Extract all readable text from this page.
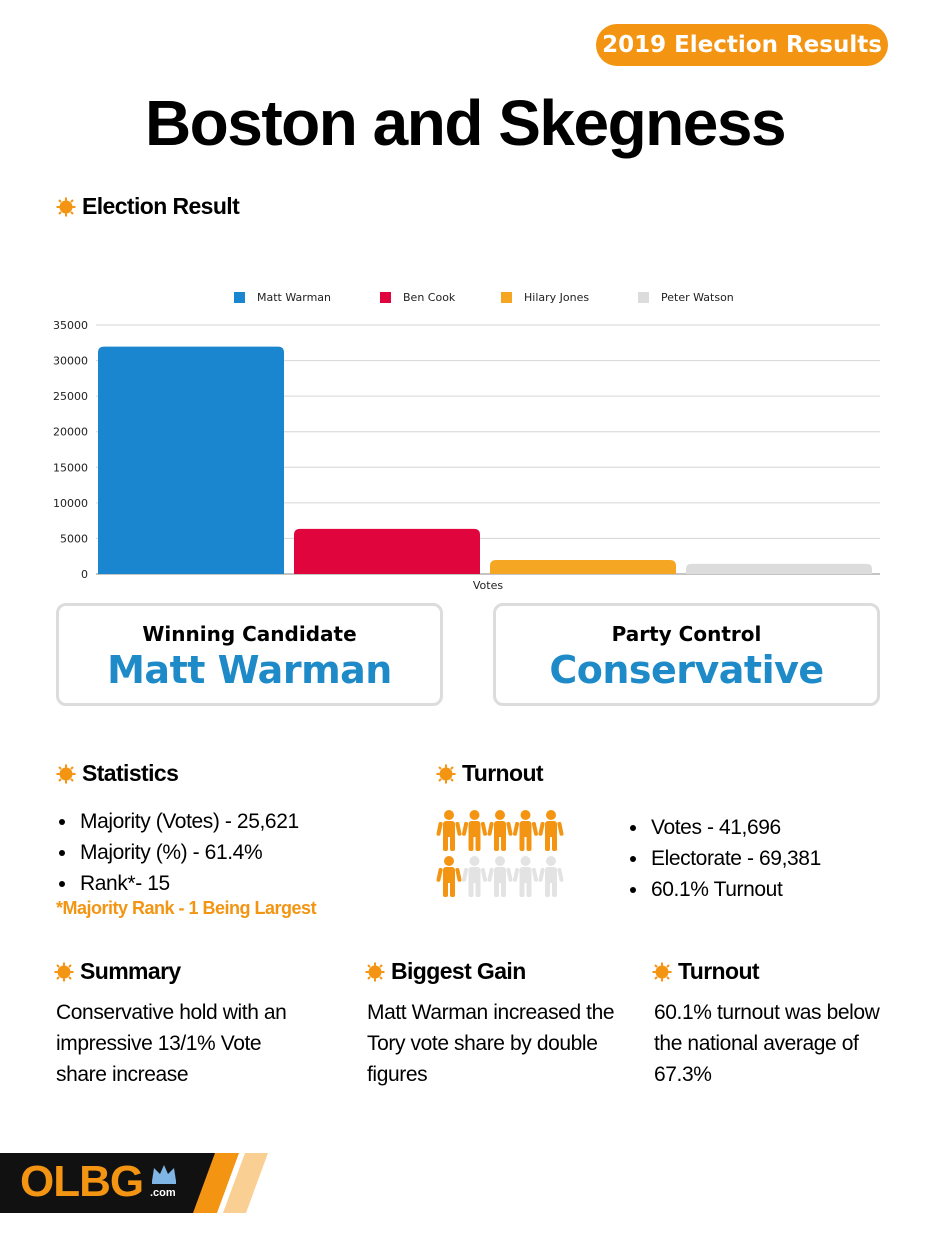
2019 Election Results
Boston and Skegness
Election Result
0
5000
10000
15000
20000
25000
30000
35000
Votes
Matt Warman	Ben Cook	Hilary Jones	Peter Watson
Winning Candidate
Matt Warman
Party Control
Conservative
Statistics
Majority (Votes) - 25,621
Majority (%) - 61.4%
Rank*- 15
*Majority Rank - 1 Being Largest
Turnout
Votes - 41,696
Electorate - 69,381
60.1% Turnout
Summary
Conservative hold with an impressive 13/1% Vote share increase
Biggest Gain
Matt Warman increased the Tory vote share by double figures
Turnout
60.1% turnout was below the national average of 67.3%
OLBG .com
